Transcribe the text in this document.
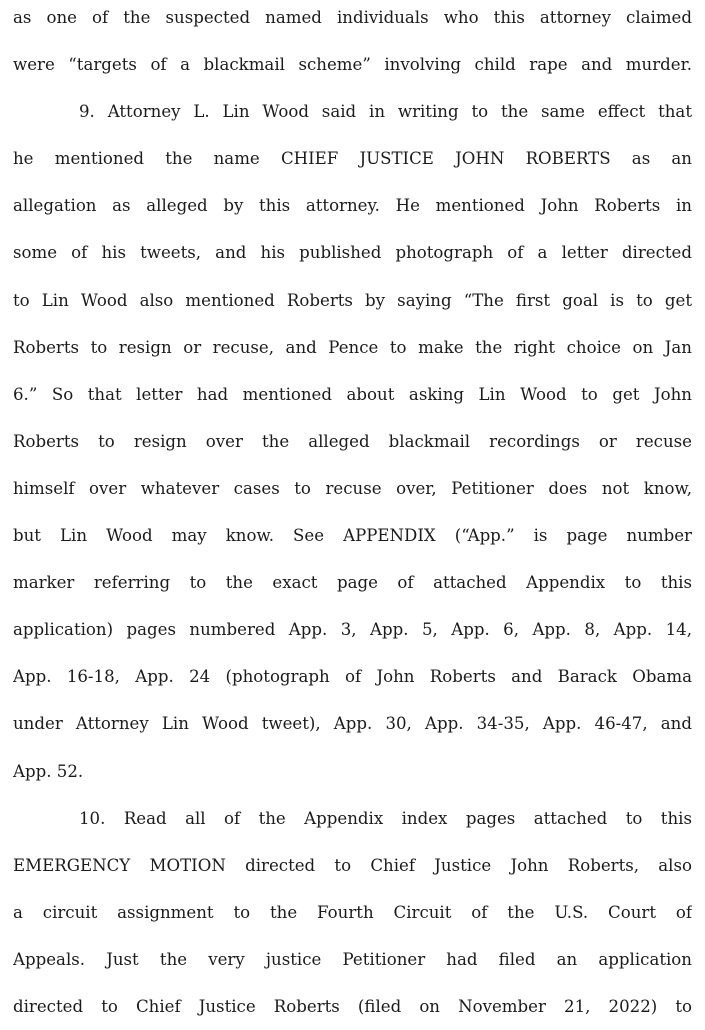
as one of the suspected named individuals who this attorney claimed
were “targets of a blackmail scheme” involving child rape and murder.
9. Attorney L. Lin Wood said in writing to the same effect that
he mentioned the name CHIEF JUSTICE JOHN ROBERTS as an
allegation as alleged by this attorney. He mentioned John Roberts in
some of his tweets, and his published photograph of a letter directed
to Lin Wood also mentioned Roberts by saying “The first goal is to get
Roberts to resign or recuse, and Pence to make the right choice on Jan
6.” So that letter had mentioned about asking Lin Wood to get John
Roberts to resign over the alleged blackmail recordings or recuse
himself over whatever cases to recuse over, Petitioner does not know,
but Lin Wood may know. See APPENDIX (“App.” is page number
marker referring to the exact page of attached Appendix to this
application) pages numbered App. 3, App. 5, App. 6, App. 8, App. 14,
App. 16-18, App. 24 (photograph of John Roberts and Barack Obama
under Attorney Lin Wood tweet), App. 30, App. 34-35, App. 46-47, and
App. 52.
10. Read all of the Appendix index pages attached to this
EMERGENCY MOTION directed to Chief Justice John Roberts, also
a circuit assignment to the Fourth Circuit of the U.S. Court of
Appeals. Just the very justice Petitioner had filed an application
directed to Chief Justice Roberts (filed on November 21, 2022) to
